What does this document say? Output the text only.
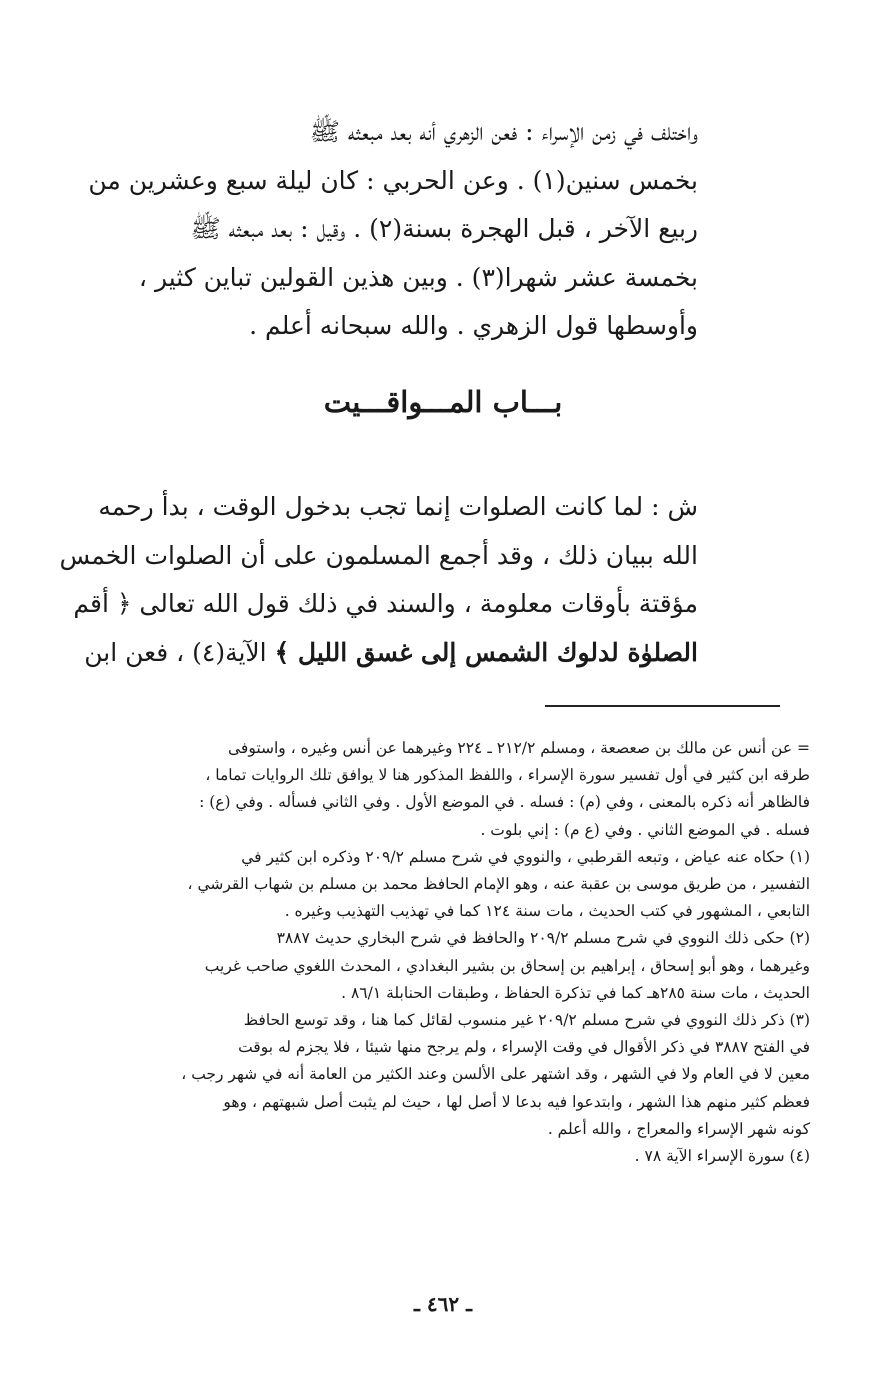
واختلف في زمن الإسراء : فعن الزهري أنه بعد مبعثه ﷺ
بخمس سنين(١) . وعن الحربي : كان ليلة سبع وعشرين من
ربيع الآخر ، قبل الهجرة بسنة(٢) . وقيل : بعد مبعثه ﷺ
بخمسة عشر شهرا(٣) . وبين هذين القولين تباين كثير ،
وأوسطها قول الزهري . والله سبحانه أعلم .
بـــاب المـــواقـــيت
ش : لما كانت الصلوات إنما تجب بدخول الوقت ، بدأ رحمه
الله ببيان ذلك ، وقد أجمع المسلمون على أن الصلوات الخمس
مؤقتة بأوقات معلومة ، والسند في ذلك قول الله تعالى ﴿ أقم
الصلوٰة لدلوك الشمس إلى غسق الليل ﴾ الآية(٤) ، فعن ابن
= عن أنس عن مالك بن صعصعة ، ومسلم ٢١٢/٢ ـ ٢٢٤ وغيرهما عن أنس وغيره ، واستوفى
طرقه ابن كثير في أول تفسير سورة الإسراء ، واللفظ المذكور هنا لا يوافق تلك الروايات تماما ،
فالظاهر أنه ذكره بالمعنى ، وفي (م) : فسله . في الموضع الأول . وفي الثاني فسأله . وفي (ع) :
فسله . في الموضع الثاني . وفي (ع م) : إني بلوت .
(١) حكاه عنه عياض ، وتبعه القرطبي ، والنووي في شرح مسلم ٢٠٩/٢ وذكره ابن كثير في
التفسير ، من طريق موسى بن عقبة عنه ، وهو الإمام الحافظ محمد بن مسلم بن شهاب القرشي ،
التابعي ، المشهور في كتب الحديث ، مات سنة ١٢٤ كما في تهذيب التهذيب وغيره .
(٢) حكى ذلك النووي في شرح مسلم ٢٠٩/٢ والحافظ في شرح البخاري حديث ٣٨٨٧
وغيرهما ، وهو أبو إسحاق ، إبراهيم بن إسحاق بن بشير البغدادي ، المحدث اللغوي صاحب غريب
الحديث ، مات سنة ٢٨٥هـ كما في تذكرة الحفاظ ، وطبقات الحنابلة ٨٦/١ .
(٣) ذكر ذلك النووي في شرح مسلم ٢٠٩/٢ غير منسوب لقائل كما هنا ، وقد توسع الحافظ
في الفتح ٣٨٨٧ في ذكر الأقوال في وقت الإسراء ، ولم يرجح منها شيئا ، فلا يجزم له بوقت
معين لا في العام ولا في الشهر ، وقد اشتهر على الألسن وعند الكثير من العامة أنه في شهر رجب ،
فعظم كثير منهم هذا الشهر ، وابتدعوا فيه بدعا لا أصل لها ، حيث لم يثبت أصل شبهتهم ، وهو
كونه شهر الإسراء والمعراج ، والله أعلم .
(٤) سورة الإسراء الآية ٧٨ .
ـ ٤٦٢ ـ
